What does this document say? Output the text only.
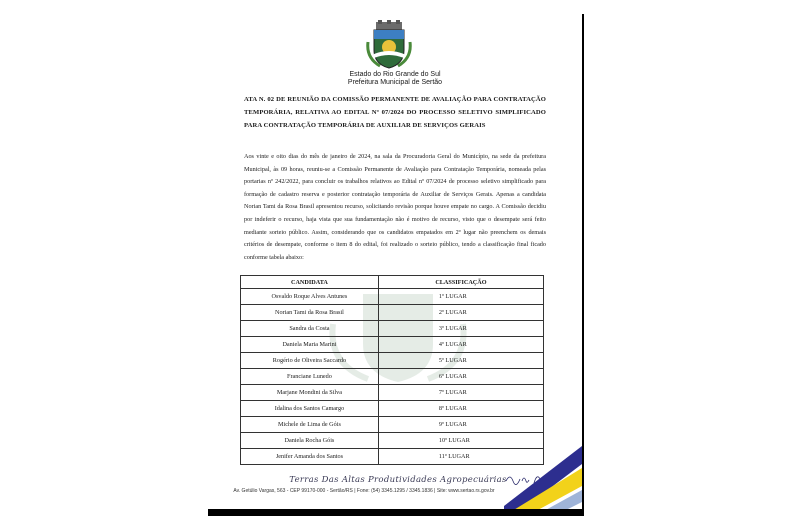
Estado do Rio Grande do Sul
Prefeitura Municipal de Sertão
ATA N. 02 DE REUNIÃO DA COMISSÃO PERMANENTE DE AVALIAÇÃO PARA CONTRATAÇÃO TEMPORÁRIA, RELATIVA AO EDITAL Nº 07/2024 DO PROCESSO SELETIVO SIMPLIFICADO PARA CONTRATAÇÃO TEMPORÁRIA DE AUXILIAR DE SERVIÇOS GERAIS
Aos vinte e oito dias do mês de janeiro de 2024, na sala da Procuradoria Geral do Município, na sede da prefeitura Municipal, às 09 horas, reuniu-se a Comissão Permanente de Avaliação para Contratação Temporária, nomeada pelas portarias nº 242/2022, para concluir os trabalhos relativos ao Edital nº 07/2024 de processo seletivo simplificado para formação de cadastro reserva e posterior contratação temporária de Auxiliar de Serviços Gerais. Apenas a candidata Norian Tami da Rosa Brasil apresentou recurso, solicitando revisão porque houve empate no cargo. A Comissão decidiu por indeferir o recurso, haja vista que sua fundamentação não é motivo de recurso, visto que o desempate será feito mediante sorteio público. Assim, considerando que os candidatos empatados em 2º lugar não preenchem os demais critérios de desempate, conforme o item 8 do edital, foi realizado o sorteio público, tendo a classificação final ficado conforme tabela abaixo:
CANDIDATA	CLASSIFICAÇÃO
Osvaldo Roque Alves Antunes	1º LUGAR
Norian Tami da Rosa Brasil	2º LUGAR
Sandra da Costa	3º LUGAR
Daniela Maria Marini	4º LUGAR
Rogério de Oliveira Saccardo	5º LUGAR
Franciane Lunedo	6º LUGAR
Marjane Mondini da Silva	7º LUGAR
Idalina dos Santos Camargo	8º LUGAR
Michele de Lima de Góis	9º LUGAR
Daniela Rocha Góis	10º LUGAR
Jenifer Amanda dos Santos	11º LUGAR
Terras Das Altas Produtividades Agropecuárias
Av. Getúlio Vargas, 563 - CEP 99170-000 - Sertão/RS | Fone: (54) 3345.1295 / 3345.1836 | Site: www.sertao.rs.gov.br
